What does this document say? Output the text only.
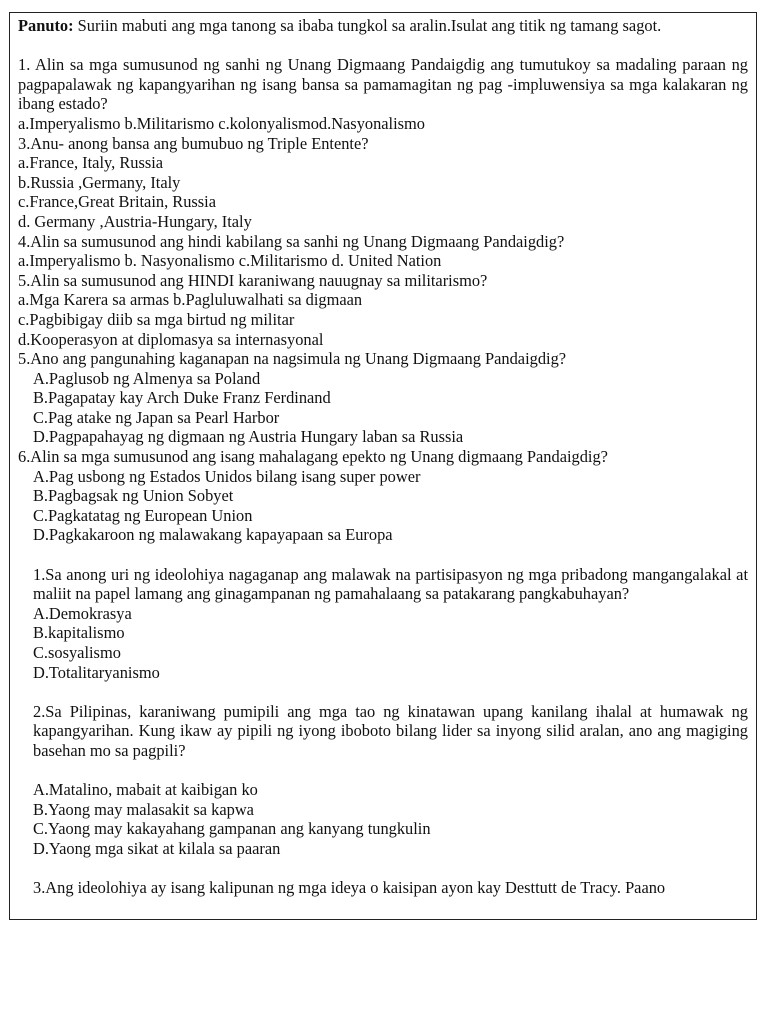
Panuto: Suriin mabuti ang mga tanong sa ibaba tungkol sa aralin.Isulat ang titik ng tamang sagot.
1. Alin sa mga sumusunod ng sanhi ng Unang Digmaang Pandaigdig ang tumutukoy sa madaling paraan ng pagpapalawak ng kapangyarihan ng isang bansa sa pamamagitan ng pag -impluwensiya sa mga kalakaran ng ibang estado?
a.Imperyalismo b.Militarismo c.kolonyalismod.Nasyonalismo
3.Anu- anong bansa ang bumubuo ng Triple Entente?
a.France, Italy, Russia
b.Russia ,Germany, Italy
c.France,Great Britain, Russia
d. Germany ,Austria-Hungary, Italy
4.Alin sa sumusunod ang hindi kabilang sa sanhi ng Unang Digmaang Pandaigdig?
a.Imperyalismo b. Nasyonalismo c.Militarismo d. United Nation
5.Alin sa sumusunod ang HINDI karaniwang nauugnay sa militarismo?
a.Mga Karera sa armas b.Pagluluwalhati sa digmaan
c.Pagbibigay diib sa mga birtud ng militar
d.Kooperasyon at diplomasya sa internasyonal
5.Ano ang pangunahing kaganapan na nagsimula ng Unang Digmaang Pandaigdig?
A.Paglusob ng Almenya sa Poland
B.Pagapatay kay Arch Duke Franz Ferdinand
C.Pag atake ng Japan sa Pearl Harbor
D.Pagpapahayag ng digmaan ng Austria Hungary laban sa Russia
6.Alin sa mga sumusunod ang isang mahalagang epekto ng Unang digmaang Pandaigdig?
A.Pag usbong ng Estados Unidos bilang isang super power
B.Pagbagsak ng Union Sobyet
C.Pagkatatag ng European Union
D.Pagkakaroon ng malawakang kapayapaan sa Europa
1.Sa anong uri ng ideolohiya nagaganap ang malawak na partisipasyon ng mga pribadong mangangalakal at maliit na papel lamang ang ginagampanan ng pamahalaang sa patakarang pangkabuhayan?
A.Demokrasya
B.kapitalismo
C.sosyalismo
D.Totalitaryanismo
2.Sa Pilipinas, karaniwang pumipili ang mga tao ng kinatawan upang kanilang ihalal at humawak ng kapangyarihan. Kung ikaw ay pipili ng iyong iboboto bilang lider sa inyong silid aralan, ano ang magiging basehan mo sa pagpili?
A.Matalino, mabait at kaibigan ko
B.Yaong may malasakit sa kapwa
C.Yaong may kakayahang gampanan ang kanyang tungkulin
D.Yaong mga sikat at kilala sa paaran
3.Ang ideolohiya ay isang kalipunan ng mga ideya o kaisipan ayon kay Desttutt de Tracy. Paano
